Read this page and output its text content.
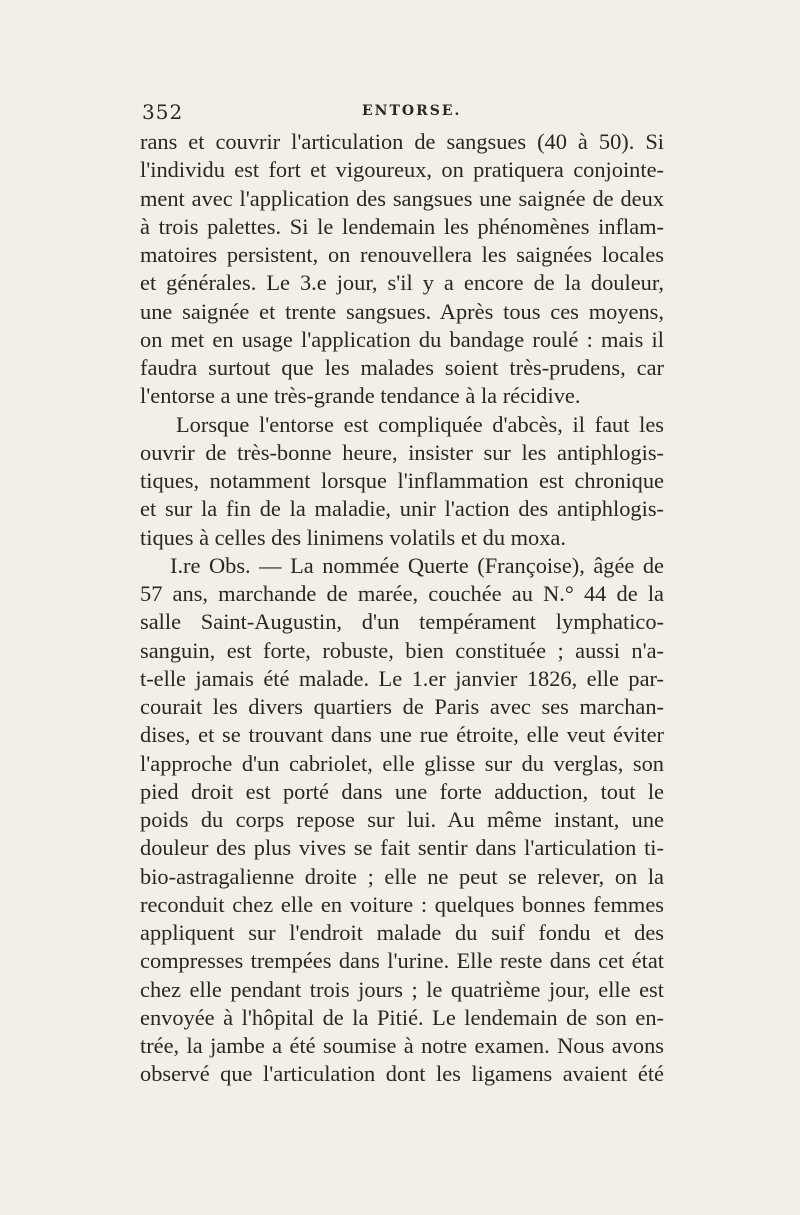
352	ENTORSE.
rans et couvrir l'articulation de sangsues (40 à 50). Si
l'individu est fort et vigoureux, on pratiquera conjointe-
ment avec l'application des sangsues une saignée de deux
à trois palettes. Si le lendemain les phénomènes inflam-
matoires persistent, on renouvellera les saignées locales
et générales. Le 3.e jour, s'il y a encore de la douleur,
une saignée et trente sangsues. Après tous ces moyens,
on met en usage l'application du bandage roulé : mais il
faudra surtout que les malades soient très-prudens, car
l'entorse a une très-grande tendance à la récidive.
Lorsque l'entorse est compliquée d'abcès, il faut les
ouvrir de très-bonne heure, insister sur les antiphlogis-
tiques, notamment lorsque l'inflammation est chronique
et sur la fin de la maladie, unir l'action des antiphlogis-
tiques à celles des linimens volatils et du moxa.
I.re Obs. — La nommée Querte (Françoise), âgée de
57 ans, marchande de marée, couchée au N.° 44 de la
salle Saint-Augustin, d'un tempérament lymphatico-
sanguin, est forte, robuste, bien constituée ; aussi n'a-
t-elle jamais été malade. Le 1.er janvier 1826, elle par-
courait les divers quartiers de Paris avec ses marchan-
dises, et se trouvant dans une rue étroite, elle veut éviter
l'approche d'un cabriolet, elle glisse sur du verglas, son
pied droit est porté dans une forte adduction, tout le
poids du corps repose sur lui. Au même instant, une
douleur des plus vives se fait sentir dans l'articulation ti-
bio-astragalienne droite ; elle ne peut se relever, on la
reconduit chez elle en voiture : quelques bonnes femmes
appliquent sur l'endroit malade du suif fondu et des
compresses trempées dans l'urine. Elle reste dans cet état
chez elle pendant trois jours ; le quatrième jour, elle est
envoyée à l'hôpital de la Pitié. Le lendemain de son en-
trée, la jambe a été soumise à notre examen. Nous avons
observé que l'articulation dont les ligamens avaient été
